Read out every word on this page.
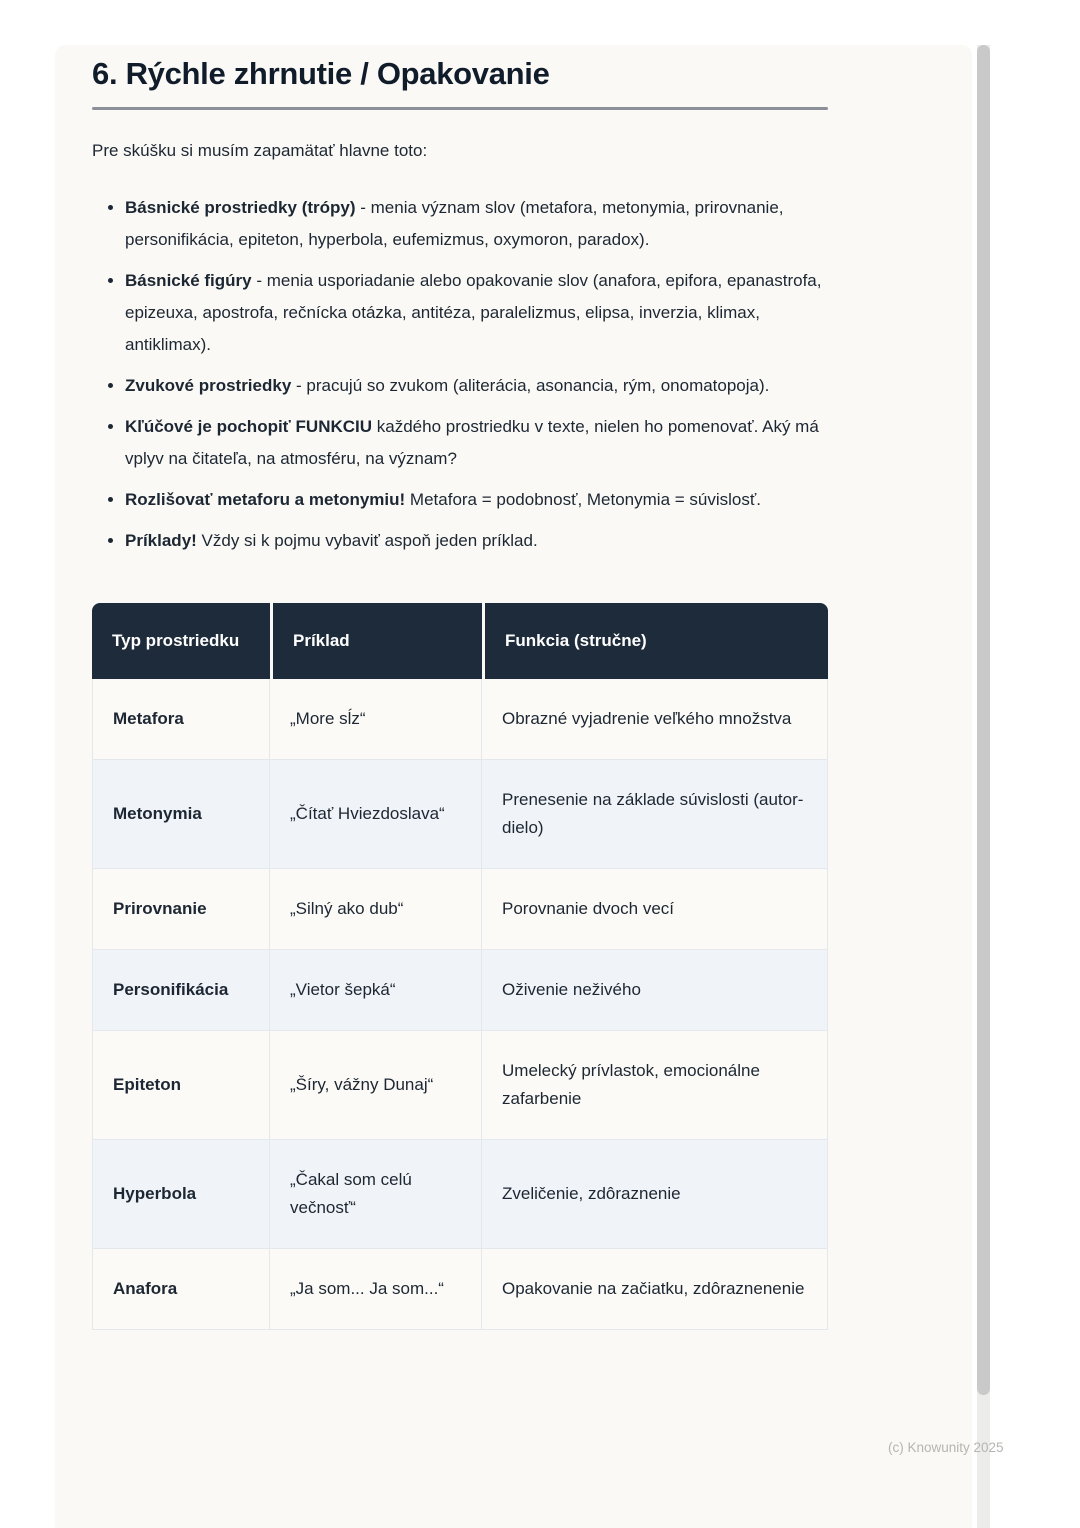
6. Rýchle zhrnutie / Opakovanie

Pre skúšku si musím zapamätať hlavne toto:

• Básnické prostriedky (trópy) - menia význam slov (metafora, metonymia, prirovnanie, personifikácia, epiteton, hyperbola, eufemizmus, oxymoron, paradox).
• Básnické figúry - menia usporiadanie alebo opakovanie slov (anafora, epifora, epanastrofa, epizeuxa, apostrofa, rečnícka otázka, antitéza, paralelizmus, elipsa, inverzia, klimax, antiklimax).
• Zvukové prostriedky - pracujú so zvukom (aliterácia, asonancia, rým, onomatopoja).
• Kľúčové je pochopiť FUNKCIU každého prostriedku v texte, nielen ho pomenovať. Aký má vplyv na čitateľa, na atmosféru, na význam?
• Rozlišovať metaforu a metonymiu! Metafora = podobnosť, Metonymia = súvislosť.
• Príklady! Vždy si k pojmu vybaviť aspoň jeden príklad.
Typ prostriedku	Príklad	Funkcia (stručne)
Metafora	„More sĺz“	Obrazné vyjadrenie veľkého množstva
Metonymia	„Čítať Hviezdoslava“	Prenesenie na základe súvislosti (autor-dielo)
Prirovnanie	„Silný ako dub“	Porovnanie dvoch vecí
Personifikácia	„Vietor šepká“	Oživenie neživého
Epiteton	„Šíry, vážny Dunaj“	Umelecký prívlastok, emocionálne zafarbenie
Hyperbola	„Čakal som celú večnosť“	Zveličenie, zdôraznenie
Anafora	„Ja som... Ja som...“	Opakovanie na začiatku, zdôraznenenie
(c) Knowunity 2025
